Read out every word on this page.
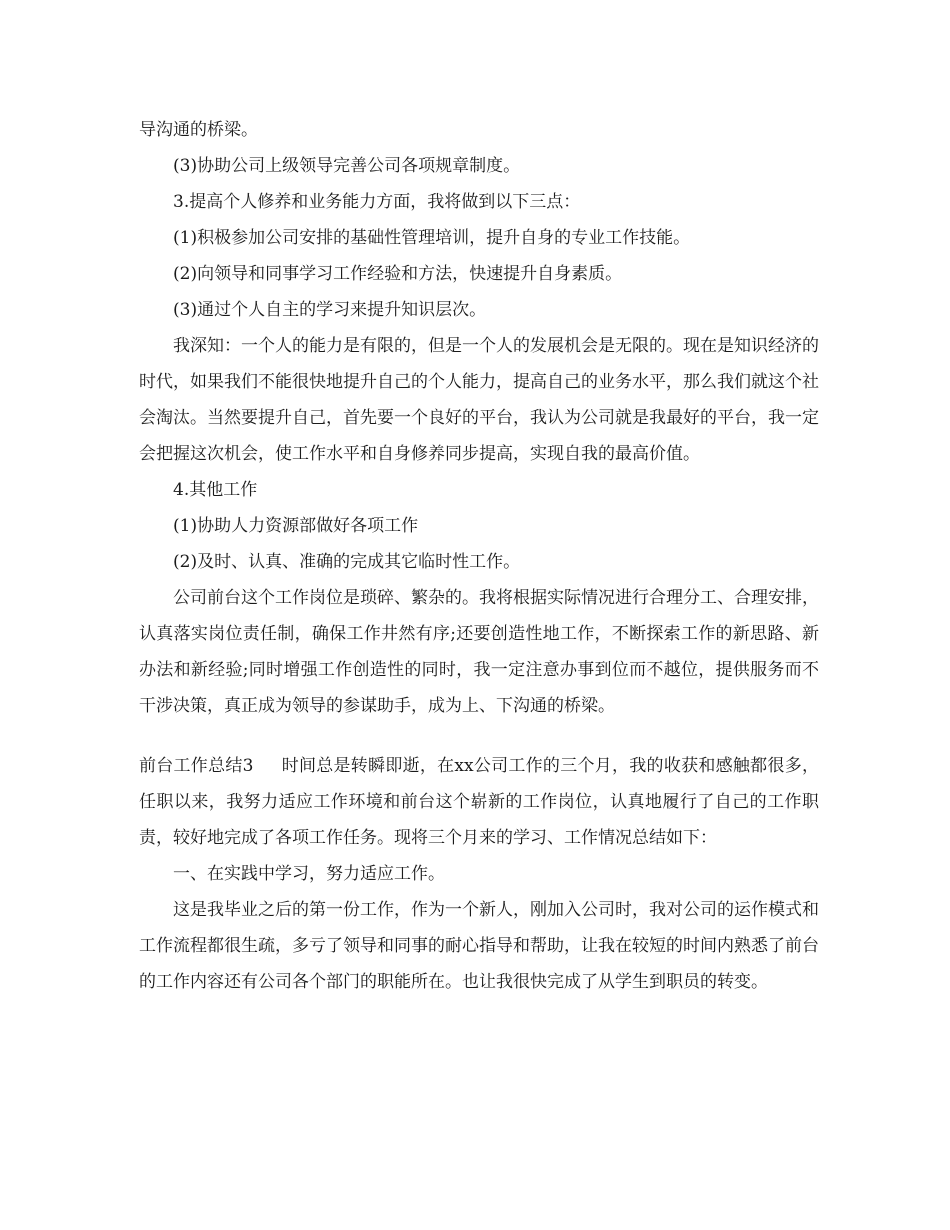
导沟通的桥梁。

(3)协助公司上级领导完善公司各项规章制度。

3.提高个人修养和业务能力方面，我将做到以下三点：

(1)积极参加公司安排的基础性管理培训，提升自身的专业工作技能。

(2)向领导和同事学习工作经验和方法，快速提升自身素质。

(3)通过个人自主的学习来提升知识层次。

我深知：一个人的能力是有限的，但是一个人的发展机会是无限的。现在是知识经济的时代，如果我们不能很快地提升自己的个人能力，提高自己的业务水平，那么我们就这个社会淘汰。当然要提升自己，首先要一个良好的平台，我认为公司就是我最好的平台，我一定会把握这次机会，使工作水平和自身修养同步提高，实现自我的最高价值。

4.其他工作

(1)协助人力资源部做好各项工作

(2)及时、认真、准确的完成其它临时性工作。

公司前台这个工作岗位是琐碎、繁杂的。我将根据实际情况进行合理分工、合理安排，认真落实岗位责任制，确保工作井然有序;还要创造性地工作，不断探索工作的新思路、新办法和新经验;同时增强工作创造性的同时，我一定注意办事到位而不越位，提供服务而不干涉决策，真正成为领导的参谋助手，成为上、下沟通的桥梁。

前台工作总结3 时间总是转瞬即逝，在xx公司工作的三个月，我的收获和感触都很多，任职以来，我努力适应工作环境和前台这个崭新的工作岗位，认真地履行了自己的工作职责，较好地完成了各项工作任务。现将三个月来的学习、工作情况总结如下：

一、在实践中学习，努力适应工作。

这是我毕业之后的第一份工作，作为一个新人，刚加入公司时，我对公司的运作模式和工作流程都很生疏，多亏了领导和同事的耐心指导和帮助，让我在较短的时间内熟悉了前台的工作内容还有公司各个部门的职能所在。也让我很快完成了从学生到职员的转变。
